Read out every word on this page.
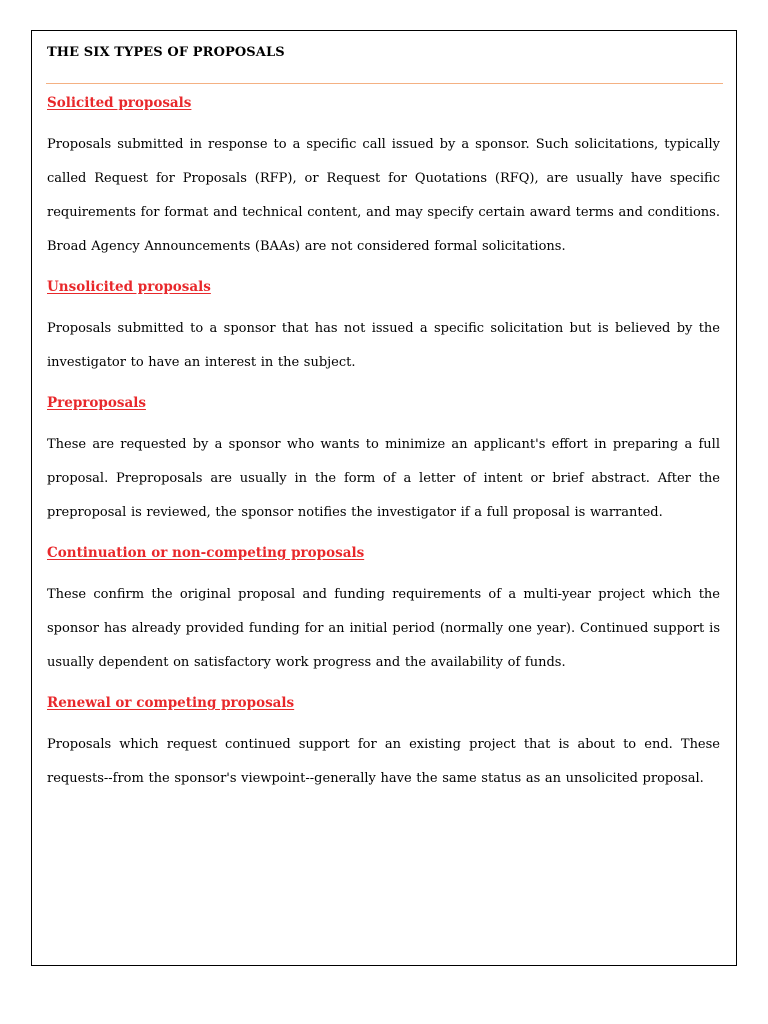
THE SIX TYPES OF PROPOSALS
Solicited proposals
Proposals submitted in response to a specific call issued by a sponsor. Such solicitations, typically called Request for Proposals (RFP), or Request for Quotations (RFQ), are usually have specific requirements for format and technical content, and may specify certain award terms and conditions. Broad Agency Announcements (BAAs) are not considered formal solicitations.
Unsolicited proposals
Proposals submitted to a sponsor that has not issued a specific solicitation but is believed by the investigator to have an interest in the subject.
Preproposals
These are requested by a sponsor who wants to minimize an applicant's effort in preparing a full proposal. Preproposals are usually in the form of a letter of intent or brief abstract. After the preproposal is reviewed, the sponsor notifies the investigator if a full proposal is warranted.
Continuation or non-competing proposals
These confirm the original proposal and funding requirements of a multi-year project which the sponsor has already provided funding for an initial period (normally one year). Continued support is usually dependent on satisfactory work progress and the availability of funds.
Renewal or competing proposals
Proposals which request continued support for an existing project that is about to end. These requests--from the sponsor's viewpoint--generally have the same status as an unsolicited proposal.
